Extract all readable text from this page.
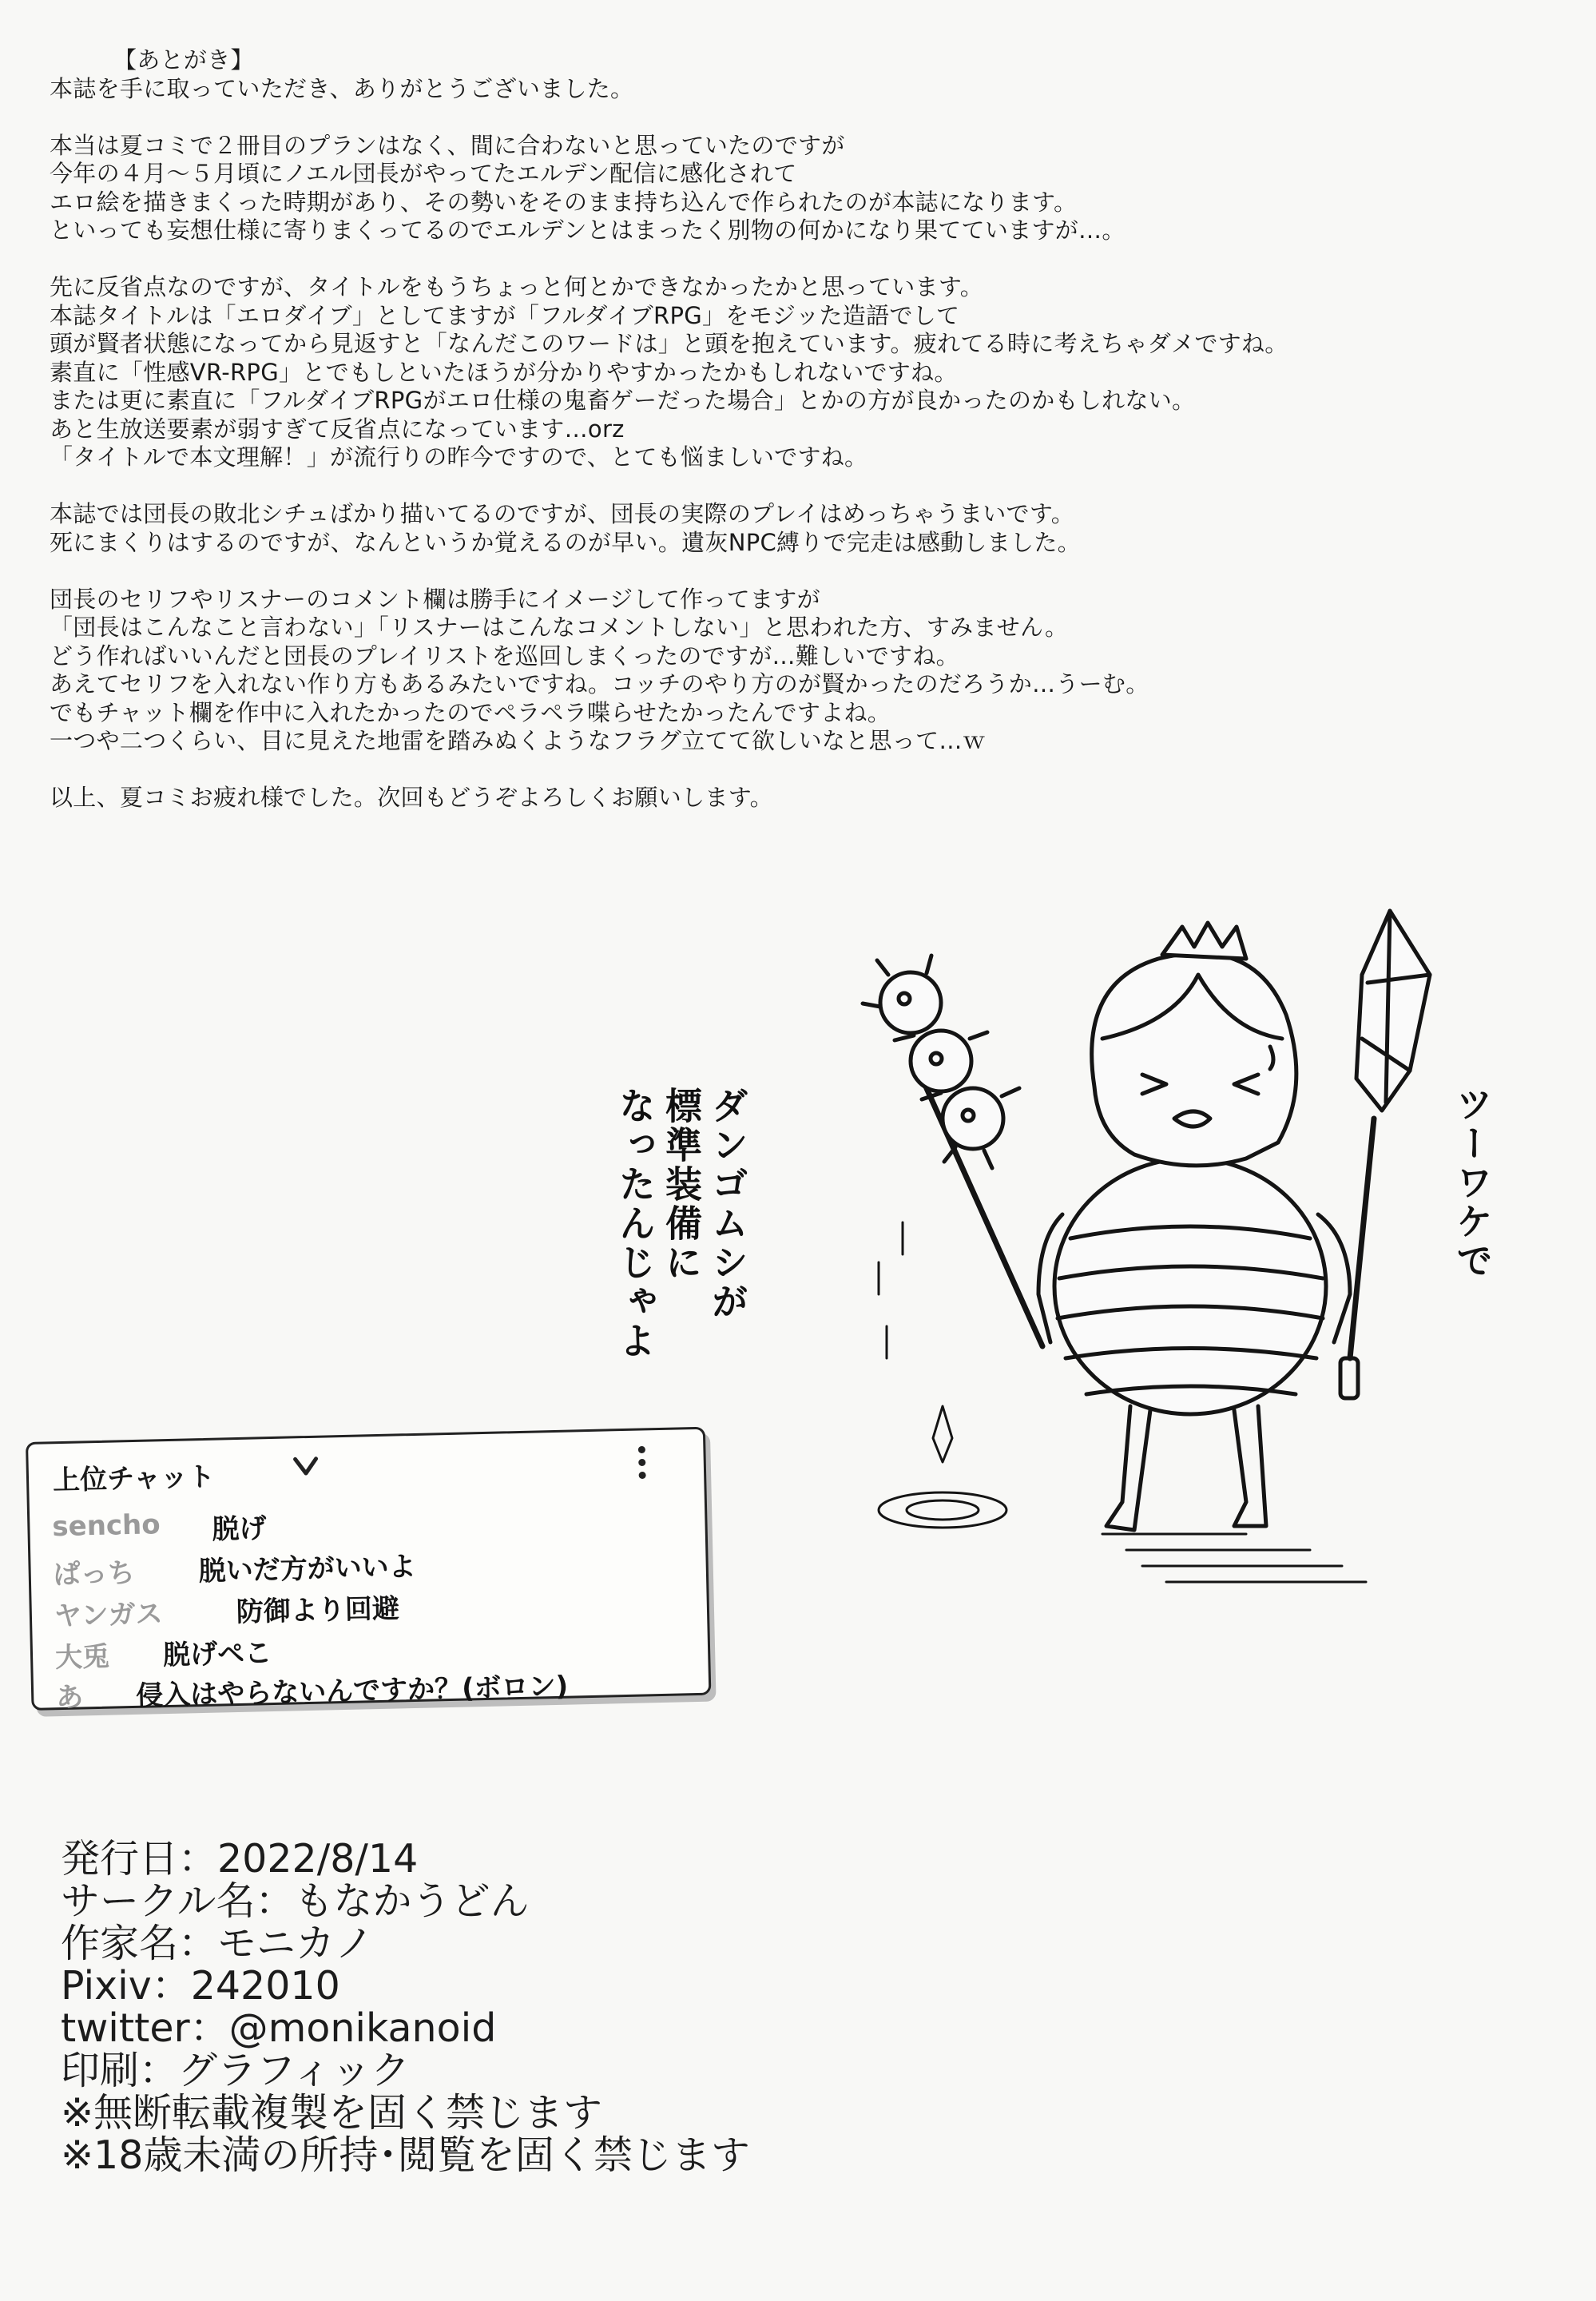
【あとがき】
本誌を手に取っていただき、ありがとうございました。
本当は夏コミで２冊目のプランはなく、間に合わないと思っていたのですが
今年の４月～５月頃にノエル団長がやってたエルデン配信に感化されて
エロ絵を描きまくった時期があり、その勢いをそのまま持ち込んで作られたのが本誌になります。
といっても妄想仕様に寄りまくってるのでエルデンとはまったく別物の何かになり果てていますが…。
先に反省点なのですが、タイトルをもうちょっと何とかできなかったかと思っています。
本誌タイトルは「エロダイブ」としてますが「フルダイブRPG」をモジッた造語でして
頭が賢者状態になってから見返すと「なんだこのワードは」と頭を抱えています。疲れてる時に考えちゃダメですね。
素直に「性感VR-RPG」とでもしといたほうが分かりやすかったかもしれないですね。
または更に素直に「フルダイブRPGがエロ仕様の鬼畜ゲーだった場合」とかの方が良かったのかもしれない。
あと生放送要素が弱すぎて反省点になっています…orz
「タイトルで本文理解！」が流行りの昨今ですので、とても悩ましいですね。
本誌では団長の敗北シチュばかり描いてるのですが、団長の実際のプレイはめっちゃうまいです。
死にまくりはするのですが、なんというか覚えるのが早い。遺灰NPC縛りで完走は感動しました。
団長のセリフやリスナーのコメント欄は勝手にイメージして作ってますが
「団長はこんなこと言わない」「リスナーはこんなコメントしない」と思われた方、すみません。
どう作ればいいんだと団長のプレイリストを巡回しまくったのですが…難しいですね。
あえてセリフを入れない作り方もあるみたいですね。コッチのやり方のが賢かったのだろうか…うーむ。
でもチャット欄を作中に入れたかったのでペラペラ喋らせたかったんですよね。
一つや二つくらい、目に見えた地雷を踏みぬくようなフラグ立てて欲しいなと思って…ｗ
以上、夏コミお疲れ様でした。次回もどうぞよろしくお願いします。
ダンゴムシが
標準装備に
なったんじゃよ	ツーワケで
上位チャット
sencho 脱げ
ぱっち 脱いだ方がいいよ
ヤンガス	防御より回避
大兎 脱げペこ
あ 侵入はやらないんですか？(ボロン)
発行日：2022/8/14
サークル名：もなかうどん
作家名：モニカノ
Pixiv：242010
twitter：@monikanoid
印刷：グラフィック
※無断転載複製を固く禁じます
※18歳未満の所持･閲覧を固く禁じます
